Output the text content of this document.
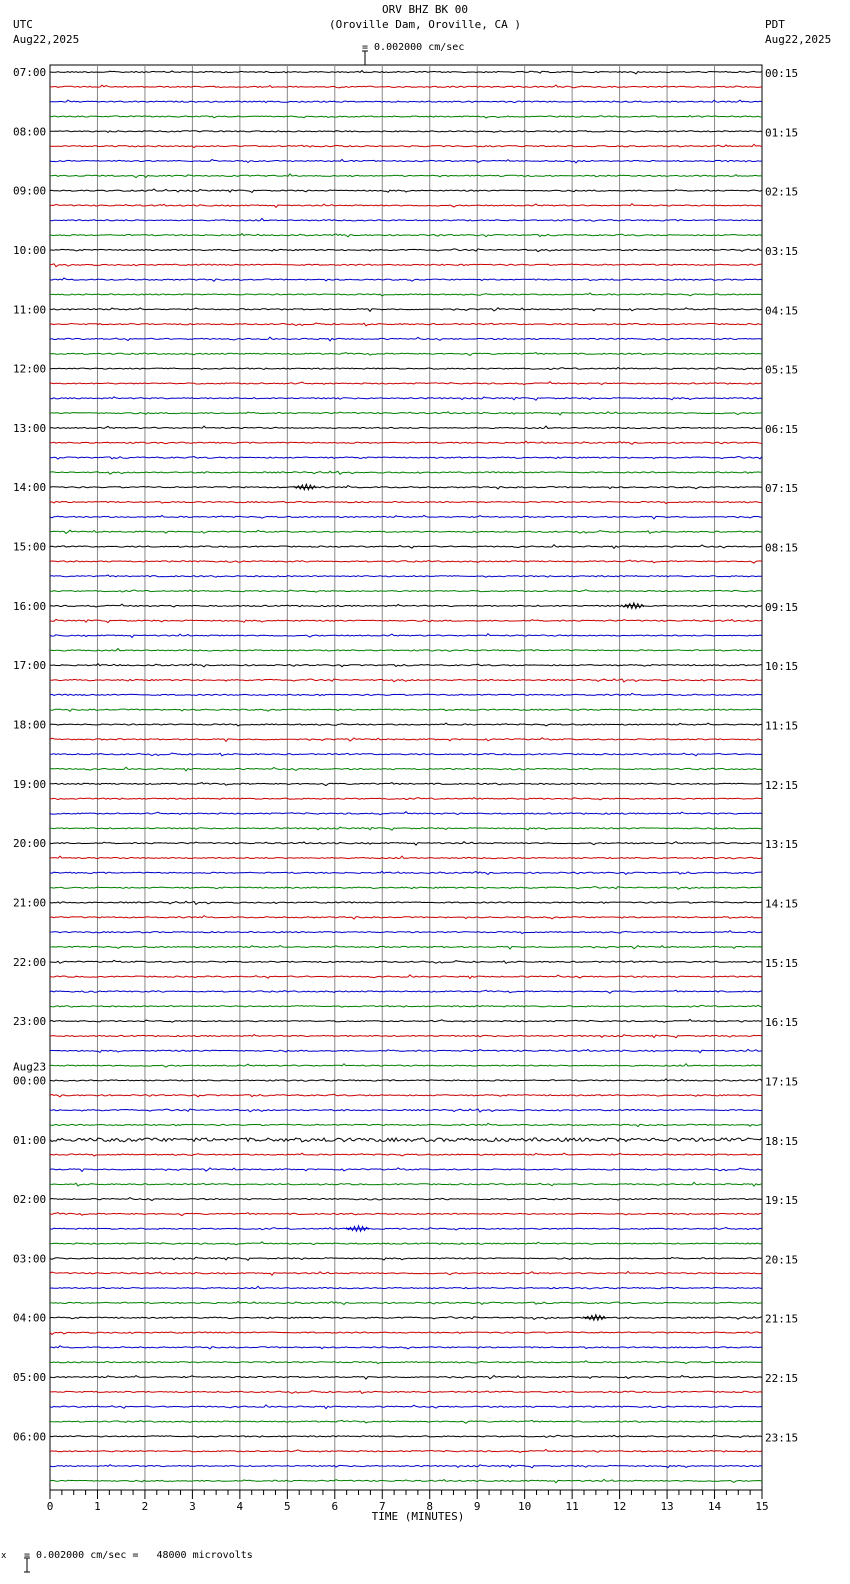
ORV BHZ BK 00
(Oroville Dam, Oroville, CA )
UTC
Aug22,2025
PDT
Aug22,2025

= 0.002000 cm/sec
07:00
08:00
09:00
10:00
11:00
12:00
13:00
14:00
15:00
16:00
17:00
18:00
19:00
20:00
21:00
22:00
23:00
00:00
01:00
02:00
03:00
04:00
05:00
06:00
Aug23
00:15
01:15
02:15
03:15
04:15
05:15
06:15
07:15
08:15
09:15
10:15
11:15
12:15
13:15
14:15
15:15
16:15
17:15
18:15
19:15
20:15
21:15
22:15
23:15
0	1	2	3	4	5	6	7	8	9	10	11	12	13	14	15
TIME (MINUTES)
x

= 0.002000 cm/sec =   48000 microvolts
